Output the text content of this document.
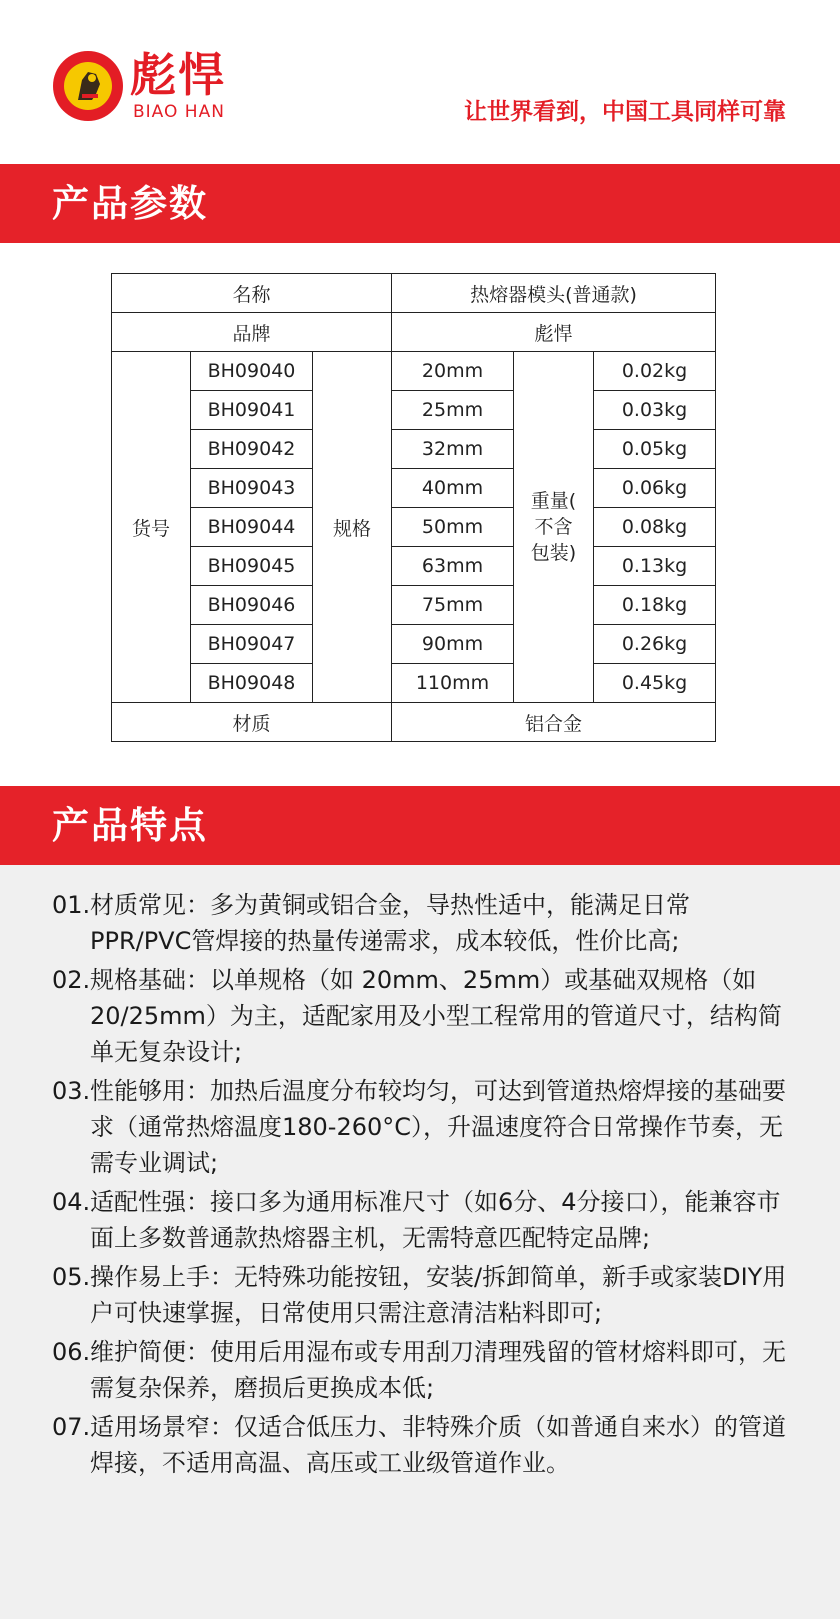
彪悍
BIAO HAN	让世界看到，中国工具同样可靠
产品参数
名称			热熔器模头(普通款)		
品牌			彪悍		
货号	BH09040	规格	20mm	重量(
不含
包装)	0.02kg
	BH09041		25mm		0.03kg
	BH09042		32mm		0.05kg
	BH09043		40mm		0.06kg
	BH09044		50mm		0.08kg
	BH09045		63mm		0.13kg
	BH09046		75mm		0.18kg
	BH09047		90mm		0.26kg
	BH09048		110mm		0.45kg
材质			铝合金		
产品特点
01. 材质常见：多为黄铜或铝合金，导热性适中，能满足日常PPR/PVC管焊接的热量传递需求，成本较低，性价比高;
02. 规格基础：以单规格（如 20mm、25mm）或基础双规格（如20/25mm）为主，适配家用及小型工程常用的管道尺寸，结构简单无复杂设计;
03. 性能够用：加热后温度分布较均匀，可达到管道热熔焊接的基础要求（通常热熔温度180-260°C），升温速度符合日常操作节奏，无需专业调试;
04. 适配性强：接口多为通用标准尺寸（如6分、4分接口），能兼容市面上多数普通款热熔器主机，无需特意匹配特定品牌;
05. 操作易上手：无特殊功能按钮，安装/拆卸简单，新手或家装DIY用户可快速掌握，日常使用只需注意清洁粘料即可;
06. 维护简便：使用后用湿布或专用刮刀清理残留的管材熔料即可，无需复杂保养，磨损后更换成本低;
07. 适用场景窄：仅适合低压力、非特殊介质（如普通自来水）的管道焊接，不适用高温、高压或工业级管道作业。
